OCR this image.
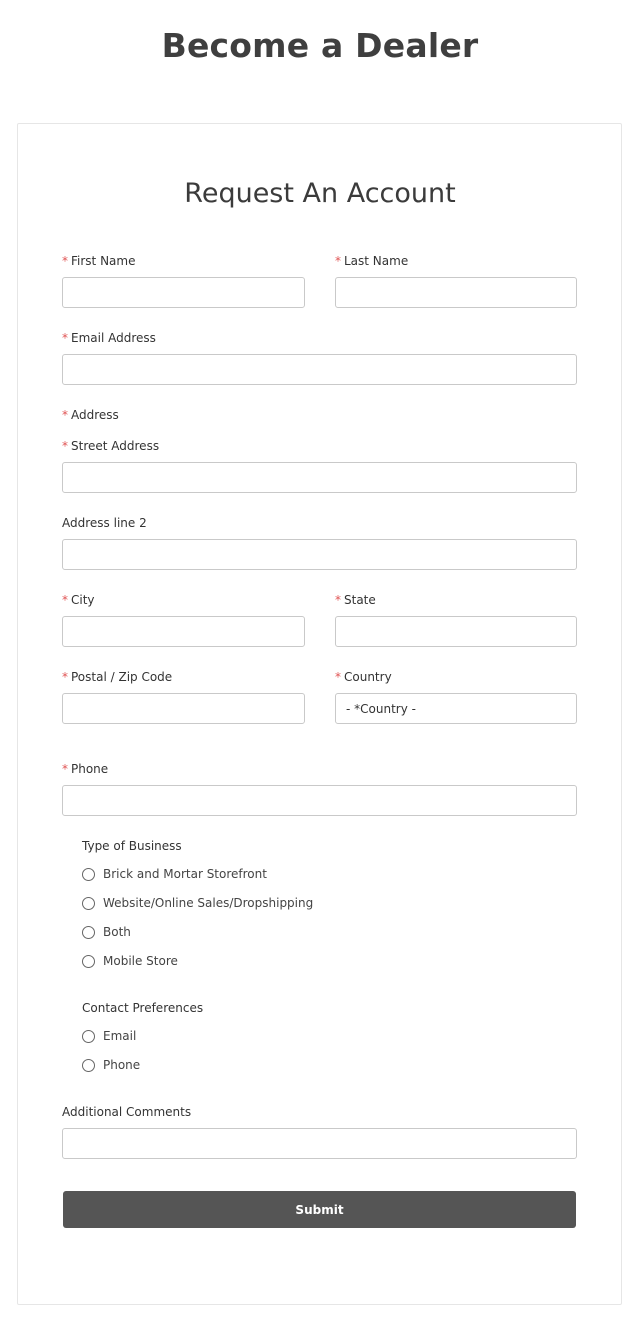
Become a Dealer
Request An Account
* First Name	* Last Name
* Email Address
* Address
* Street Address
Address line 2
* City	* State
* Postal / Zip Code	* Country
- *Country -
* Phone
Type of Business
Brick and Mortar Storefront
Website/Online Sales/Dropshipping
Both
Mobile Store
Contact Preferences
Email
Phone
Additional Comments
Submit
